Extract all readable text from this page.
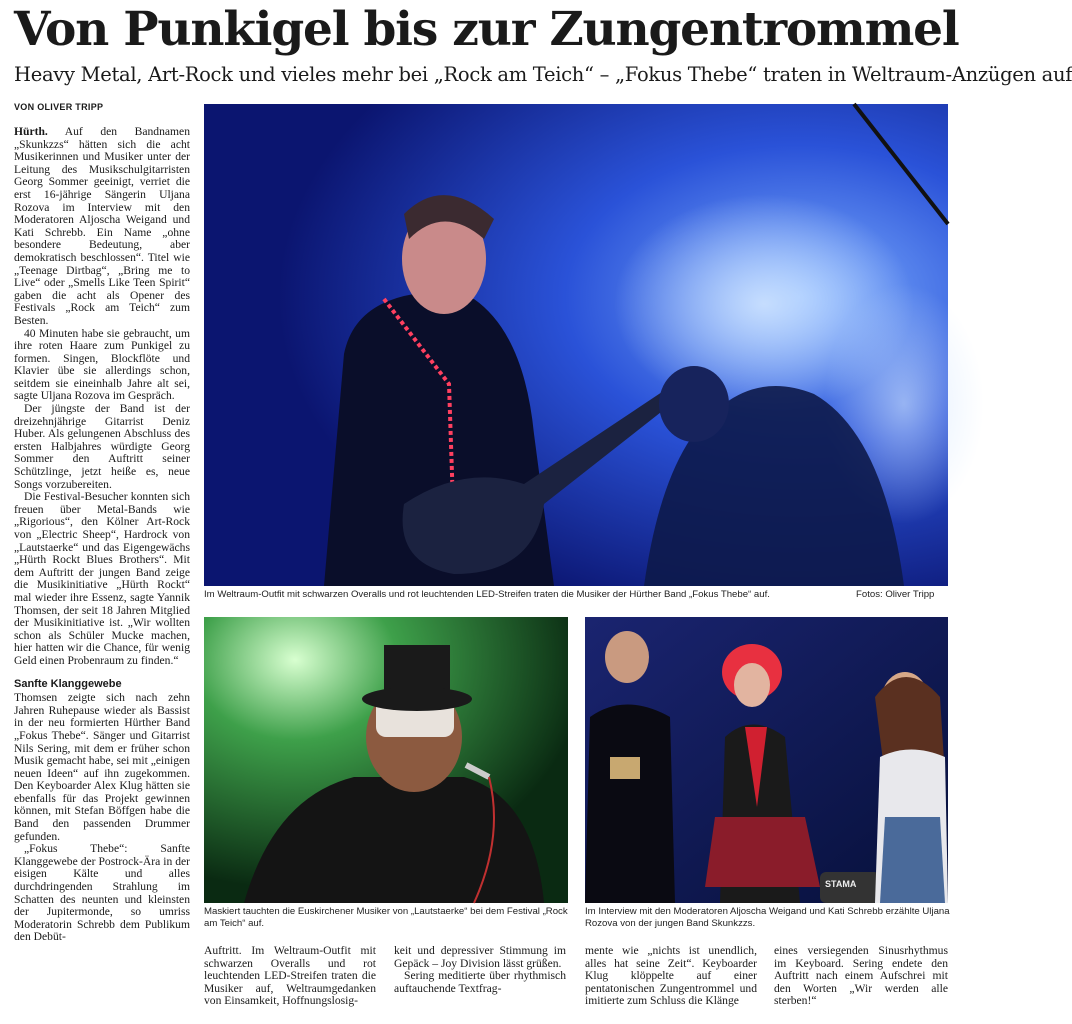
Von Punkigel bis zur Zungentrommel
Heavy Metal, Art-Rock und vieles mehr bei „Rock am Teich“ – „Fokus Thebe“ traten in Weltraum-Anzügen auf
VON OLIVER TRIPP

Hürth. Auf den Bandnamen „Skunkzzs“ hätten sich die acht Musikerinnen und Musiker unter der Leitung des Musikschulgitarristen Georg Sommer geeinigt, verriet die erst 16-jährige Sängerin Uljana Rozova im Interview mit den Moderatoren Aljoscha Weigand und Kati Schrebb. Ein Name „ohne besondere Bedeutung, aber demokratisch beschlossen“. Titel wie „Teenage Dirtbag“, „Bring me to Live“ oder „Smells Like Teen Spirit“ gaben die acht als Opener des Festivals „Rock am Teich“ zum Besten.

40 Minuten habe sie gebraucht, um ihre roten Haare zum Punkigel zu formen. Singen, Blockflöte und Klavier übe sie allerdings schon, seitdem sie eineinhalb Jahre alt sei, sagte Uljana Rozova im Gespräch.

Der jüngste der Band ist der dreizehnjährige Gitarrist Deniz Huber. Als gelungenen Abschluss des ersten Halbjahres würdigte Georg Sommer den Auftritt seiner Schützlinge, jetzt heiße es, neue Songs vorzubereiten.

Die Festival-Besucher konnten sich freuen über Metal-Bands wie „Rigorious“, den Kölner Art-Rock von „Electric Sheep“, Hardrock von „Lautstaerke“ und das Eigengewächs „Hürth Rockt Blues Brothers“. Mit dem Auftritt der jungen Band zeige die Musikinitiative „Hürth Rockt“ mal wieder ihre Essenz, sagte Yannik Thomsen, der seit 18 Jahren Mitglied der Musikinitiative ist. „Wir wollten schon als Schüler Mucke machen, hier hatten wir die Chance, für wenig Geld einen Probenraum zu finden.“

Sanfte Klanggewebe

Thomsen zeigte sich nach zehn Jahren Ruhepause wieder als Bassist in der neu formierten Hürther Band „Fokus Thebe“. Sänger und Gitarrist Nils Sering, mit dem er früher schon Musik gemacht habe, sei mit „einigen neuen Ideen“ auf ihn zugekommen. Den Keyboarder Alex Klug hätten sie ebenfalls für das Projekt gewinnen können, mit Stefan Böffgen habe die Band den passenden Drummer gefunden.

„Fokus Thebe“: Sanfte Klanggewebe der Postrock-Ära in der eisigen Kälte und alles durchdringenden Strahlung im Schatten des neunten und kleinsten der Jupitermonde, so umriss Moderatorin Schrebb dem Publikum den Debüt-

Im Weltraum-Outfit mit schwarzen Overalls und rot leuchtenden LED-Streifen traten die Musiker der Hürther Band „Fokus Thebe“ auf.	Fotos: Oliver Tripp
Maskiert tauchten die Euskirchener Musiker von „Lautstaerke“ bei dem Festival „Rock am Teich“ auf.
STAMA
Im Interview mit den Moderatoren Aljoscha Weigand und Kati Schrebb erzählte Uljana Rozova von der jungen Band Skunkzzs.

Auftritt. Im Weltraum-Outfit mit schwarzen Overalls und rot leuchtenden LED-Streifen traten die Musiker auf, Weltraumgedanken von Einsamkeit, Hoffnungslosig-

keit und depressiver Stimmung im Gepäck – Joy Division lässt grüßen.

Sering meditierte über rhythmisch auftauchende Textfrag-

mente wie „nichts ist unendlich, alles hat seine Zeit“. Keyboarder Klug klöppelte auf einer pentatonischen Zungentrommel und imitierte zum Schluss die Klänge

eines versiegenden Sinusrhythmus im Keyboard. Sering endete den Auftritt nach einem Aufschrei mit den Worten „Wir werden alle sterben!“
